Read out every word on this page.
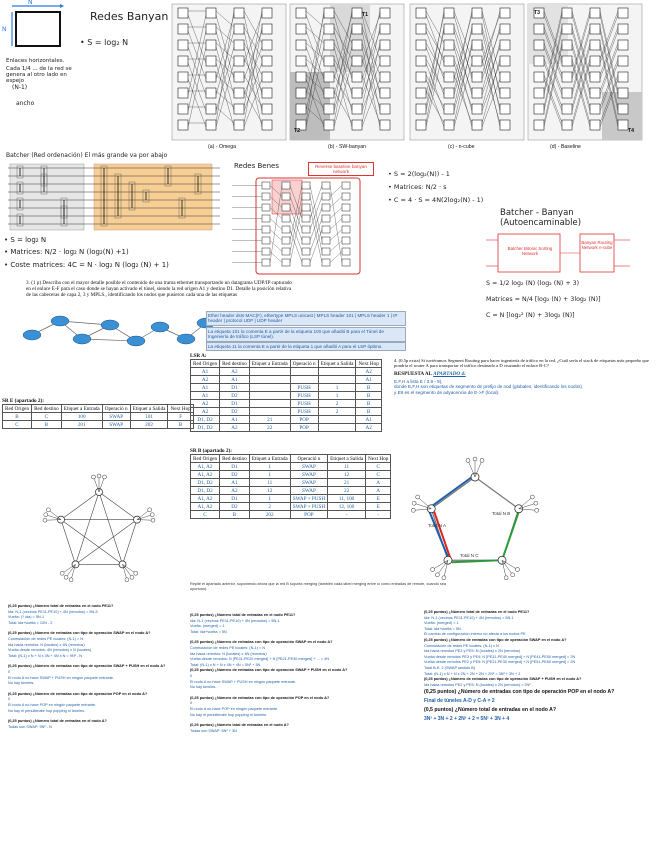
N
N
Redes Banyan
• S = log₂ N
Enlaces horizontales.
Cada 1/4 ... de la red se genera al otro lado en espejo
(N-1)
ancho
(a) - Omega	(b) - SW-banyan	(c) - n-cube	(d) - Baseline
T2
T1	T3
T4
Batcher (Red ordenación) El más grande va por abajo
• S = log₂ N
• Matrices: N/2 · log₂ N (log₂(N) +1)
• Coste matrices: 4C = N · log₂ N (log₂ (N) + 1)
Redes Benes	Reverse baseline banyan network	• S = 2(log₂(N)) - 1
• Matrices: N/2 · s
• C = 4 · S = 4N(2log₂(N) - 1)
Batcher - Banyan (Autoencaminable)
Batcher Bitonic Sorting Network
Banyan Routing Network n-cube
S = 1/2 log₂ (N) (log₂ (N) + 3)
Matrices = N/4 [log₂ (N) + 3log₂ (N)]
C = N [log₂² (N) + 3log₂ (N)]
3. (1 p) Describa con el mayor detalle posible el contenido de una trama ethernet transportando un datagrama UDP/IP capturado en el enlace E-F para el caso donde se hayan activado el túnel, siendo la red origen A1 y destino D1. Detalle la posición relativa de las cabeceras de capa 2, 3 y MPLS., identificando los nodos que pusieron cada una de las etiquetas
Ether header dsts MAC(F), ethertype MPLS unicast | MPLS header 101 | MPLS header 1 | IP header | protocol UDP | UDP header
La etiqueta 101 la comenta E a partir de la etiqueta 100 que añadió B para el Túnel de Ingeniería de tráfico (LSP túnel).
La etiqueta 11 la comenta E a partir de la etiqueta 1 que añadió A para el LSP óptimo.
LSR A:
Red Origen	Red destino	Etiquet a Entrada	Operació n	Etiquet a Salida	Next Hop
A1	A2				A2
A2	A1				A1
A1	D1		PUSH	1	B
A1	D2		PUSH	1	B
A2	D1		PUSH	2	B
A2	D2		PUSH	2	B
D1, D2	A1	21	POP		A1
D1, D2	A2	22	POP		A2
SR E (apartado 2):
Red Origen	Red destino	Etiquet a Entrada	Operació n	Etiquet a Salida	Next Hop
B	C	100	SWAP	101	F
C	B	201	SWAP	202	B
SR B (apartado 2):
Red Origen	Red destino	Etiquet a Entrada	Operació n	Etiquet a Salida	Next Hop
A1, A2	D1	1	SWAP	11	C
A1, A2	D2	1	SWAP	12	C
D1, D2	A1	11	SWAP	21	A
D1, D2	A2	12	SWAP	22	A
A1, A2	D1	1	SWAP + PUSH	11, 100	E
A1, A2	D2	2	SWAP + PUSH	12, 100	E
C	B	202	POP	-	-
4. (0,5p extra) Si tuviéramos Segment Routing para hacer ingeniería de tráfico en la red, ¿Cuál sería el stack de etiquetas más pequeño que pondría el router A para transportar el tráfico destinado a D cruzando el enlace B-C?
RESPUESTA AL APARTADO 4:
E.F.H a lista E / 3.9 - 9),
donde E,F,H son etiquetas de segmento de prefijo de nod (globales, identificando los nodos)
y E9 es el segmento de adyacencia de E->F (local).
Total N A
Total N B
Total N C
Repite el apartado anterior, suponiendo ahora que la red B soporta merging (también cada label merging entre sí como entradas de remote, cuando sea oportuno).
(0,25 puntos) ¿Número total de entradas en el nodo PE11?
Ida: N-1 (vecinos PE11-PE10) + 4N (remotos) = 5N-5
Vuelta: (? ida) = 5N-1
Total: ida+vuelta = 10N - 2
(0,25 puntos) ¿Número de entradas con tipo de operación SWAP en el nodo A?
Conmutación de redes PE locales: (N-1) = N
Ida hacia remotos: N (locales) x 4N (remotos)
Vuelta desde remotos: 4N (remotos) x N (locales)
Total: (N-1) x N + N x 4N + 4N x N = 9N² - N
(0,25 puntos) ¿Número de entradas con tipo de operación SWAP + PUSH en el nodo A?
0
El nodo A no hace SWAP + PUSH en ningún paquete entrante.
No hay túneles.
(0,25 puntos) ¿Número de entradas con tipo de operación POP en el nodo A?
0
El nodo A no hace POP en ningún paquete entrante.
No hay el penultimate hop popping ni túneles.
(0,25 puntos) ¿Número total de entradas en el nodo A?
Todas son SWAP: 9N² - N
(0,25 puntos) ¿Número total de entradas en el nodo PE11?
Ida: N-1 (vecinos PE11-PE10) + 4N (remotos) = 5N-1
Vuelta: (merged) = 1
Total: ida+vuelta = 5N
(0,25 puntos) ¿Número de entradas con tipo de operación SWAP en el nodo A?
Conmutación de redes PE locales: (N-1) = N
Ida hacia remotos: N (locales) x 4N (remotos)
Vuelta desde remotos: N [PE11-PE20 merged] + N [PE21-PE30 merged] + ... = 4N
Total: (N-1) x N + N x 4N + 4N = 5N² + 3N
(0,25 puntos) ¿Número de entradas con tipo de operación SWAP + PUSH en el nodo A?
0
El nodo A no hace SWAP + PUSH en ningún paquete entrante.
No hay túneles.
(0,25 puntos) ¿Número de entradas con tipo de operación POP en el nodo A?
0
El nodo A no hace POP en ningún paquete entrante.
No hay el penultimate hop popping ni túneles.
(0,25 puntos) ¿Número total de entradas en el nodo A?
Todas son SWAP: 5N² + 3N
(0,25 puntos) ¿Número total de entradas en el nodo PE11?
Ida: N-1 (vecinos PE11-PE10) + 4N (remotos) = 5N-1
Vuelta: (merged) = 1
Total: ida+vuelta = 5N
El cambio de configuración interno no afecta a los nodos PE
(0,25 puntos) ¿Número de entradas con tipo de operación SWAP en el nodo A?
Conmutación de redes PE locales: (N-1) x N
Ida hacia remotos PE3 y PE5: N (locales) x 2N (remotos)
Vuelta desde remotos PE3 y PE4: N [PE31-PE40 merged] + N [PE41-PE50 merged] = 2N
Vuelta desde remotos PE2 y PE5: N [PE21-PE30 merged] + N [PE51-PE60 merged] = 2N
Total B-E: 2 (SWAP sentido B)
Total: (N-1) x N + N x 2N + 2N + 2N + 2N² = 3N² + 3N + 2
(0,25 puntos) ¿Número de entradas con tipo de operación SWAP + PUSH en el nodo A?
Ida hacia remotos PE2 y PE5: N (locales) x 2N (remotos) = 2N²
(0,25 puntos) ¿Número de entradas con tipo de operación POP en el nodo A?
Final de túneles A-D y C-A = 2
(0,5 puntos) ¿Número total de entradas en el nodo A?
3N² + 3N + 2 + 2N² + 2 = 5N² + 3N + 4
